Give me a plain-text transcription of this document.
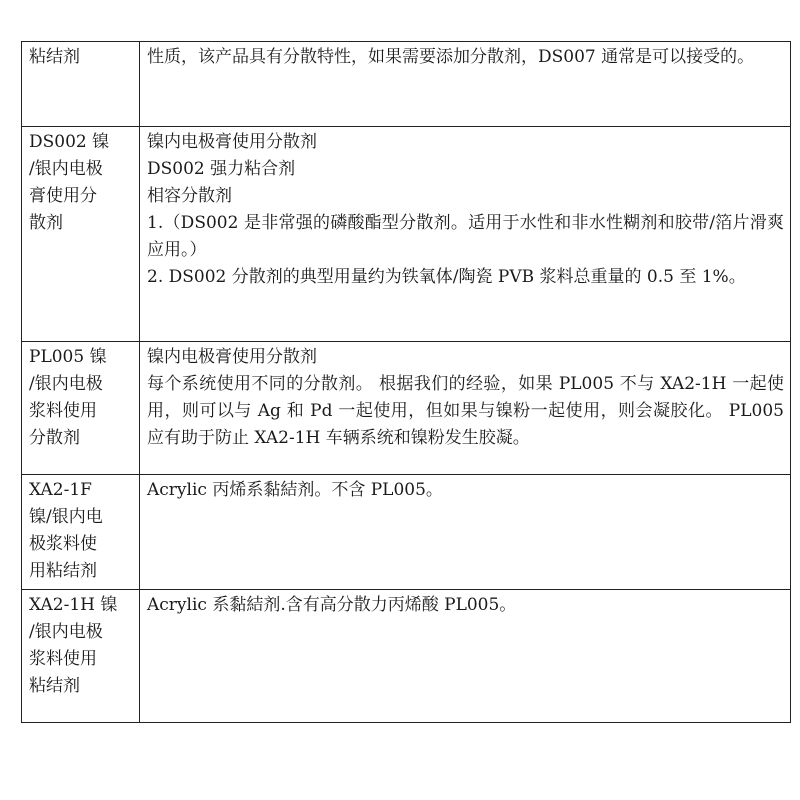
粘结剂	性质，该产品具有分散特性，如果需要添加分散剂，DS007 通常是可以接受的。

DS002 镍
/银内电极
膏使用分
散剂	镍内电极膏使用分散剂
DS002 强力粘合剂
相容分散剂
1.（DS002 是非常强的磷酸酯型分散剂。适用于水性和非水性糊剂和胶带/箔片滑爽应用。）
2. DS002 分散剂的典型用量约为铁氧体/陶瓷 PVB 浆料总重量的 0.5 至 1%。

PL005 镍
/银内电极
浆料使用
分散剂	镍内电极膏使用分散剂
每个系统使用不同的分散剂。 根据我们的经验，如果 PL005 不与 XA2-1H 一起使用，则可以与 Ag 和 Pd 一起使用，但如果与镍粉一起使用，则会凝胶化。 PL005 应有助于防止 XA2-1H 车辆系统和镍粉发生胶凝。

XA2-1F
镍/银内电
极浆料使
用粘结剂	Acrylic 丙烯系黏結剂。不含 PL005。

XA2-1H 镍
/银内电极
浆料使用
粘结剂	Acrylic 系黏結剂.含有高分散力丙烯酸 PL005。
